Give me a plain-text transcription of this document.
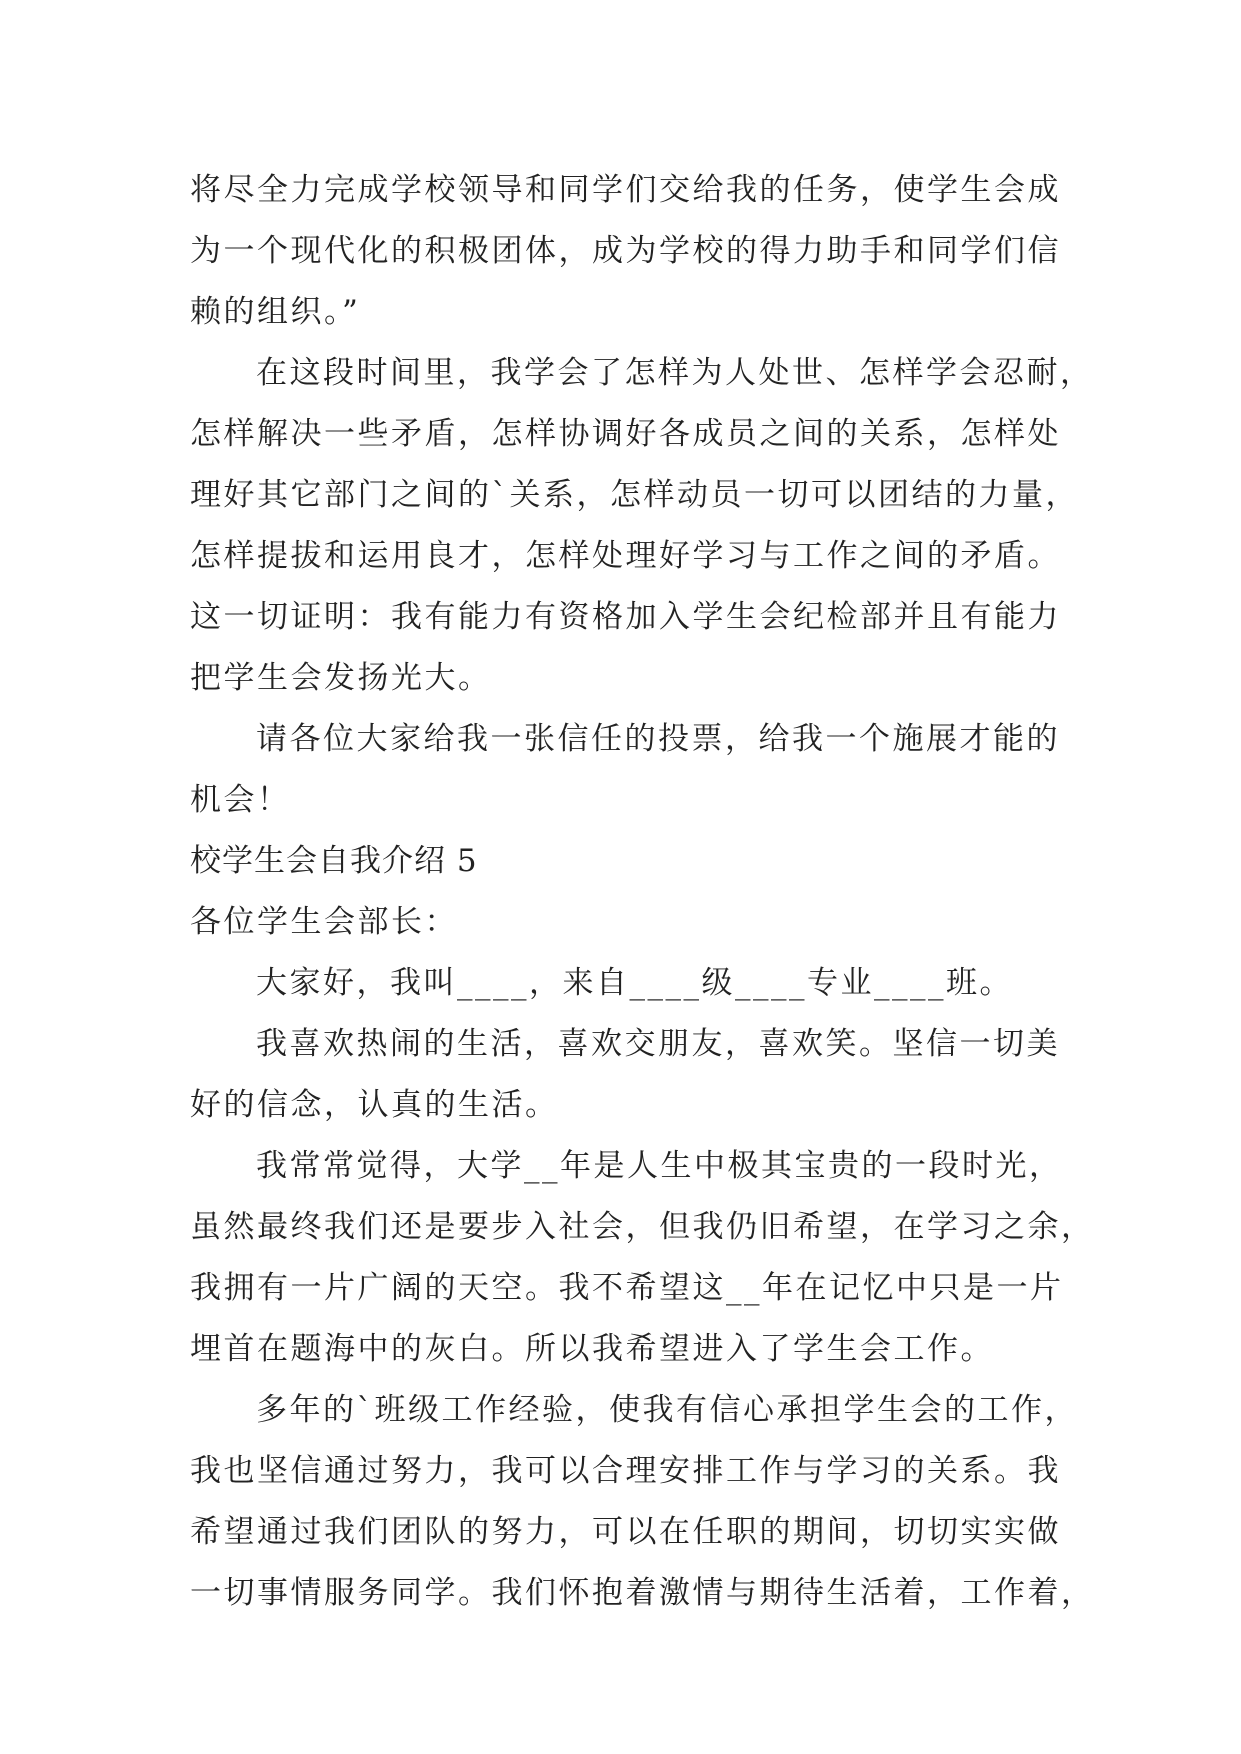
将尽全力完成学校领导和同学们交给我的任务，使学生会成
为一个现代化的积极团体，成为学校的得力助手和同学们信
赖的组织。”
在这段时间里，我学会了怎样为人处世、怎样学会忍耐，
怎样解决一些矛盾，怎样协调好各成员之间的关系，怎样处
理好其它部门之间的`关系，怎样动员一切可以团结的力量，
怎样提拔和运用良才，怎样处理好学习与工作之间的矛盾。
这一切证明：我有能力有资格加入学生会纪检部并且有能力
把学生会发扬光大。
请各位大家给我一张信任的投票，给我一个施展才能的
机会！
校学生会自我介绍 5
各位学生会部长：
大家好，我叫____，来自____级____专业____班。
我喜欢热闹的生活，喜欢交朋友，喜欢笑。坚信一切美
好的信念，认真的生活。
我常常觉得，大学__年是人生中极其宝贵的一段时光，
虽然最终我们还是要步入社会，但我仍旧希望，在学习之余，
我拥有一片广阔的天空。我不希望这__年在记忆中只是一片
埋首在题海中的灰白。所以我希望进入了学生会工作。
多年的`班级工作经验，使我有信心承担学生会的工作，
我也坚信通过努力，我可以合理安排工作与学习的关系。我
希望通过我们团队的努力，可以在任职的期间，切切实实做
一切事情服务同学。我们怀抱着激情与期待生活着，工作着，
